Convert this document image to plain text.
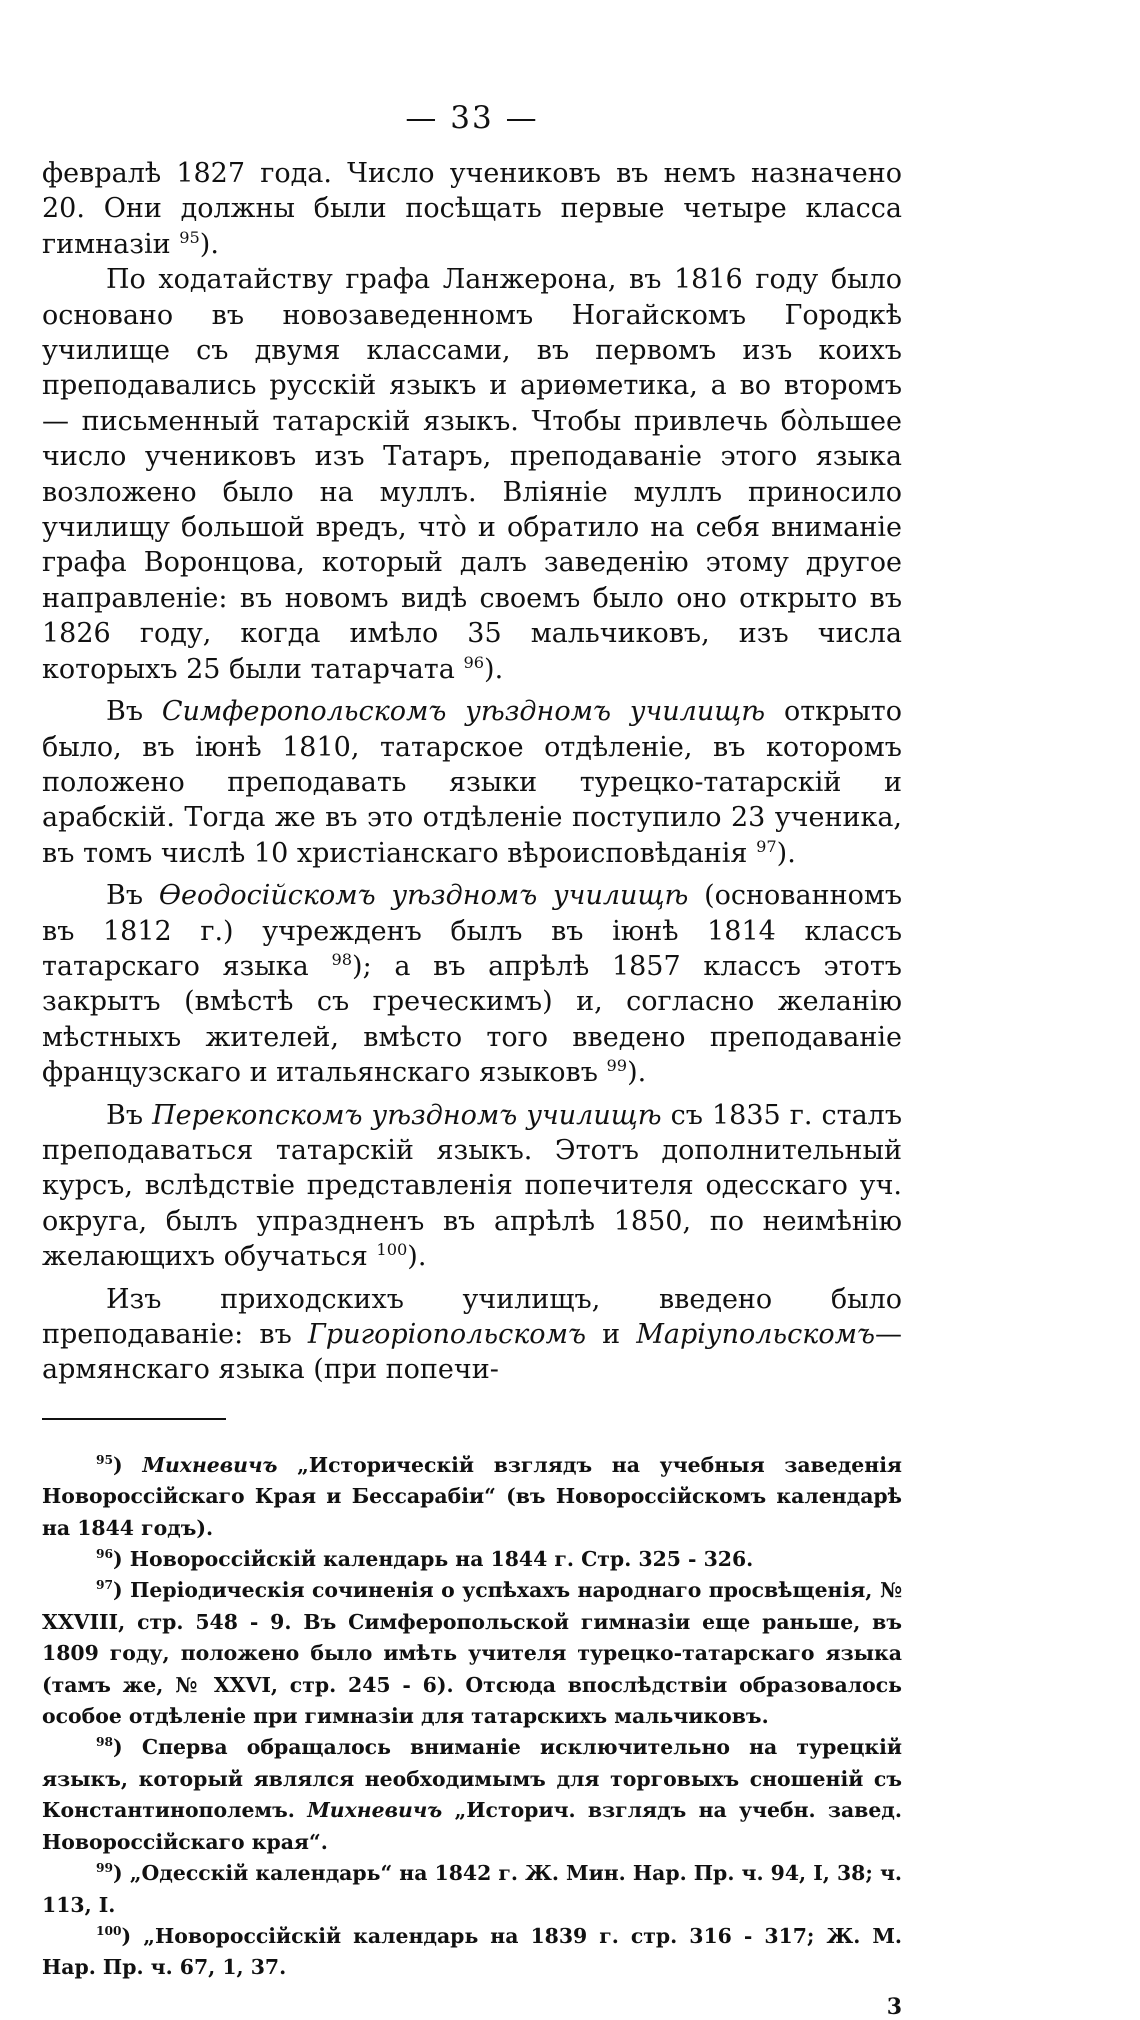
— 33 —

февралѣ 1827 года. Число учениковъ въ немъ назначено 20. Они должны были посѣщать первые четыре класса гимназіи $^{95}$).

По ходатайству графа Ланжерона, въ 1816 году было основано въ новозаведенномъ Ногайскомъ Городкѣ училище съ двумя классами, въ первомъ изъ коихъ преподавались русскій языкъ и ариѳметика, а во второмъ — письменный татарскій языкъ. Чтобы привлечь бо̀льшее число учениковъ изъ Татаръ, преподаваніе этого языка возложено было на муллъ. Вліяніе муллъ приносило училищу большой вредъ, что̀ и обратило на себя вниманіе графа Воронцова, который далъ заведенію этому другое направленіе: въ новомъ видѣ своемъ было оно открыто въ 1826 году, когда имѣло 35 мальчиковъ, изъ числа которыхъ 25 были татарчата $^{96}$).

Въ Симферопольскомъ уѣздномъ училищѣ открыто было, въ іюнѣ 1810, татарское отдѣленіе, въ которомъ положено преподавать языки турецко-татарскій и арабскій. Тогда же въ это отдѣленіе поступило 23 ученика, въ томъ числѣ 10 христіанскаго вѣроисповѣданія $^{97}$).

Въ Ѳеодосійскомъ уѣздномъ училищѣ (основанномъ въ 1812 г.) учрежденъ былъ въ іюнѣ 1814 классъ татарскаго языка $^{98}$); а въ апрѣлѣ 1857 классъ этотъ закрытъ (вмѣстѣ съ греческимъ) и, согласно желанію мѣстныхъ жителей, вмѣсто того введено преподаваніе французскаго и итальянскаго языковъ $^{99}$).

Въ Перекопскомъ уѣздномъ училищѣ съ 1835 г. сталъ преподаваться татарскій языкъ. Этотъ дополнительный курсъ, вслѣдствіе представленія попечителя одесскаго уч. округа, былъ упраздненъ въ апрѣлѣ 1850, по неимѣнію желающихъ обучаться $^{100}$).

Изъ приходскихъ училищъ, введено было преподаваніе: въ Григоріопольскомъ и Маріупольскомъ—армянскаго языка (при попечи-

$^{95}$) Михневичъ „Историческій взглядъ на учебныя заведенія Новороссійскаго Края и Бессарабіи“ (въ Новороссійскомъ календарѣ на 1844 годъ).

$^{96}$) Новороссійскій календарь на 1844 г. Стр. 325 - 326.

$^{97}$) Періодическія сочиненія о успѣхахъ народнаго просвѣщенія, № XXVIII, стр. 548 - 9. Въ Симферопольской гимназіи еще раньше, въ 1809 году, положено было имѣть учителя турецко-татарскаго языка (тамъ же, № XXVI, стр. 245 - 6). Отсюда впослѣдствіи образовалось особое отдѣленіе при гимназіи для татарскихъ мальчиковъ.

$^{98}$) Сперва обращалось вниманіе исключительно на турецкій языкъ, который являлся необходимымъ для торговыхъ сношеній съ Константинополемъ. Михневичъ „Историч. взглядъ на учебн. завед. Новороссійскаго края“.

$^{99}$) „Одесскій календарь“ на 1842 г. Ж. Мин. Нар. Пр. ч. 94, I, 38; ч. 113, I.

$^{100}$) „Новороссійскій календарь на 1839 г. стр. 316 - 317; Ж. М. Нар. Пр. ч. 67, 1, 37.

3
